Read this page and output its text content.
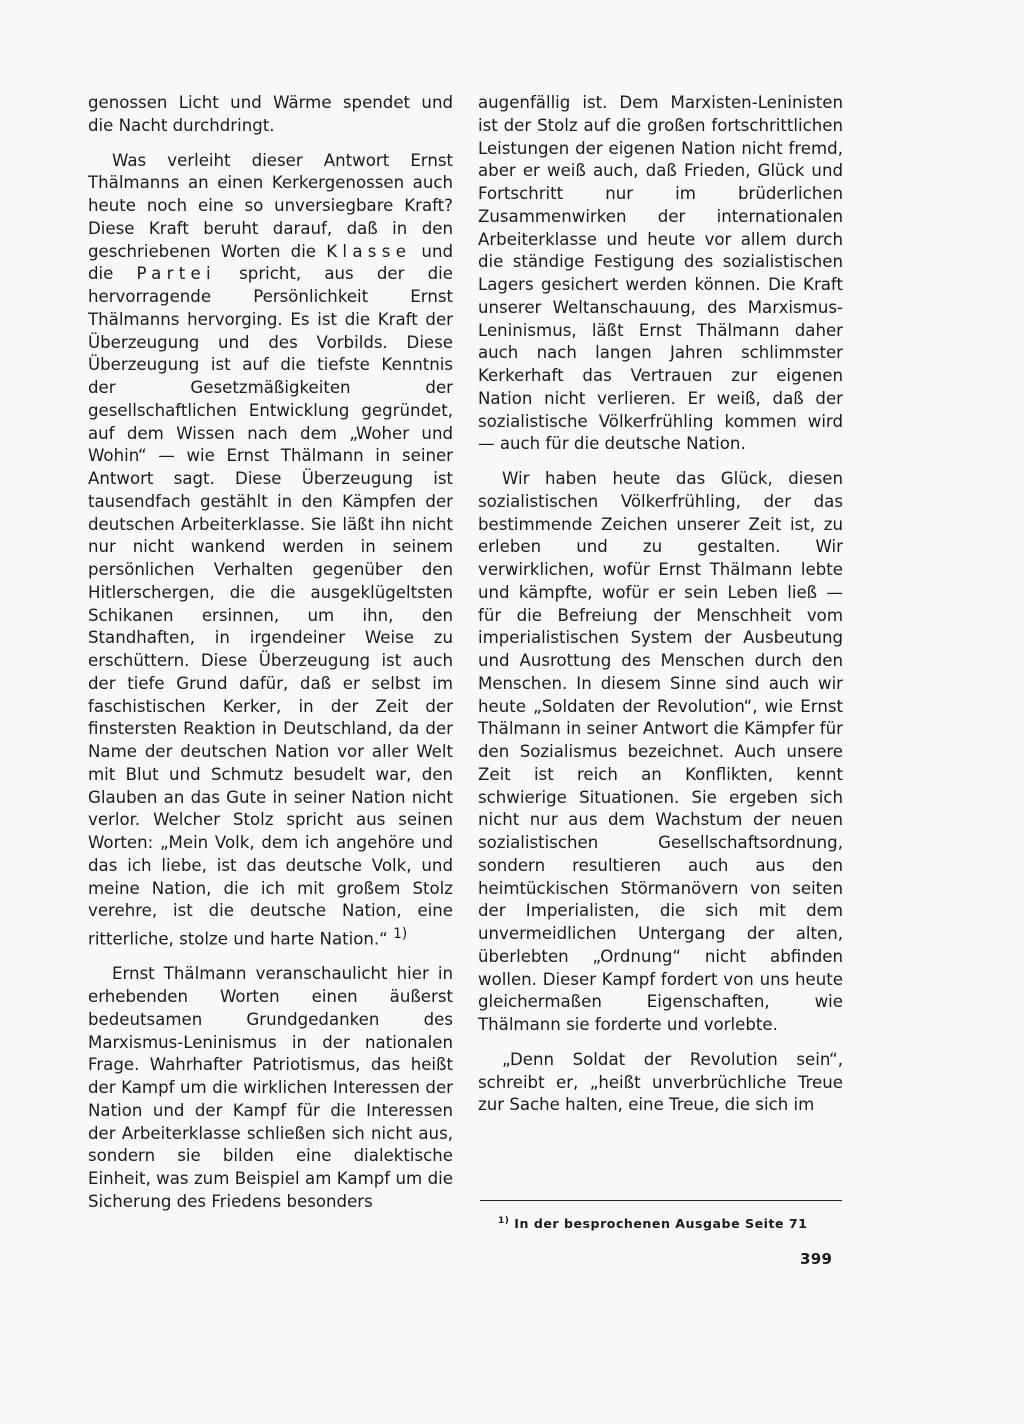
genossen Licht und Wärme spendet und die Nacht durchdringt.

Was verleiht dieser Antwort Ernst Thälmanns an einen Kerkergenossen auch heute noch eine so unversiegbare Kraft? Diese Kraft beruht darauf, daß in den geschriebenen Worten die Klasse und die Partei spricht, aus der die hervorragende Persönlichkeit Ernst Thälmanns hervorging. Es ist die Kraft der Überzeugung und des Vorbilds. Diese Überzeugung ist auf die tiefste Kenntnis der Gesetzmäßigkeiten der gesellschaftlichen Entwicklung gegründet, auf dem Wissen nach dem „Woher und Wohin“ — wie Ernst Thälmann in seiner Antwort sagt. Diese Überzeugung ist tausendfach gestählt in den Kämpfen der deutschen Arbeiterklasse. Sie läßt ihn nicht nur nicht wankend werden in seinem persönlichen Verhalten gegenüber den Hitlerschergen, die die ausgeklügeltsten Schikanen ersinnen, um ihn, den Standhaften, in irgendeiner Weise zu erschüttern. Diese Überzeugung ist auch der tiefe Grund dafür, daß er selbst im faschistischen Kerker, in der Zeit der finstersten Reaktion in Deutschland, da der Name der deutschen Nation vor aller Welt mit Blut und Schmutz besudelt war, den Glauben an das Gute in seiner Nation nicht verlor. Welcher Stolz spricht aus seinen Worten: „Mein Volk, dem ich angehöre und das ich liebe, ist das deutsche Volk, und meine Nation, die ich mit großem Stolz verehre, ist die deutsche Nation, eine ritterliche, stolze und harte Nation.“ $^{1)}$

Ernst Thälmann veranschaulicht hier in erhebenden Worten einen äußerst bedeutsamen Grundgedanken des Marxismus-Leninismus in der nationalen Frage. Wahrhafter Patriotismus, das heißt der Kampf um die wirklichen Interessen der Nation und der Kampf für die Interessen der Arbeiterklasse schließen sich nicht aus, sondern sie bilden eine dialektische Einheit, was zum Beispiel am Kampf um die Sicherung des Friedens besonders

augenfällig ist. Dem Marxisten-Leninisten ist der Stolz auf die großen fortschrittlichen Leistungen der eigenen Nation nicht fremd, aber er weiß auch, daß Frieden, Glück und Fortschritt nur im brüderlichen Zusammenwirken der internationalen Arbeiterklasse und heute vor allem durch die ständige Festigung des sozialistischen Lagers gesichert werden können. Die Kraft unserer Weltanschauung, des Marxismus-Leninismus, läßt Ernst Thälmann daher auch nach langen Jahren schlimmster Kerkerhaft das Vertrauen zur eigenen Nation nicht verlieren. Er weiß, daß der sozialistische Völkerfrühling kommen wird — auch für die deutsche Nation.

Wir haben heute das Glück, diesen sozialistischen Völkerfrühling, der das bestimmende Zeichen unserer Zeit ist, zu erleben und zu gestalten. Wir verwirklichen, wofür Ernst Thälmann lebte und kämpfte, wofür er sein Leben ließ — für die Befreiung der Menschheit vom imperialistischen System der Ausbeutung und Ausrottung des Menschen durch den Menschen. In diesem Sinne sind auch wir heute „Soldaten der Revolution“, wie Ernst Thälmann in seiner Antwort die Kämpfer für den Sozialismus bezeichnet. Auch unsere Zeit ist reich an Konflikten, kennt schwierige Situationen. Sie ergeben sich nicht nur aus dem Wachstum der neuen sozialistischen Gesellschaftsordnung, sondern resultieren auch aus den heimtückischen Störmanövern von seiten der Imperialisten, die sich mit dem unvermeidlichen Untergang der alten, überlebten „Ordnung“ nicht abfinden wollen. Dieser Kampf fordert von uns heute gleichermaßen Eigenschaften, wie Thälmann sie forderte und vorlebte.

„Denn Soldat der Revolution sein“, schreibt er, „heißt unverbrüchliche Treue zur Sache halten, eine Treue, die sich im

$^{1)}$ In der besprochenen Ausgabe Seite 71
399
